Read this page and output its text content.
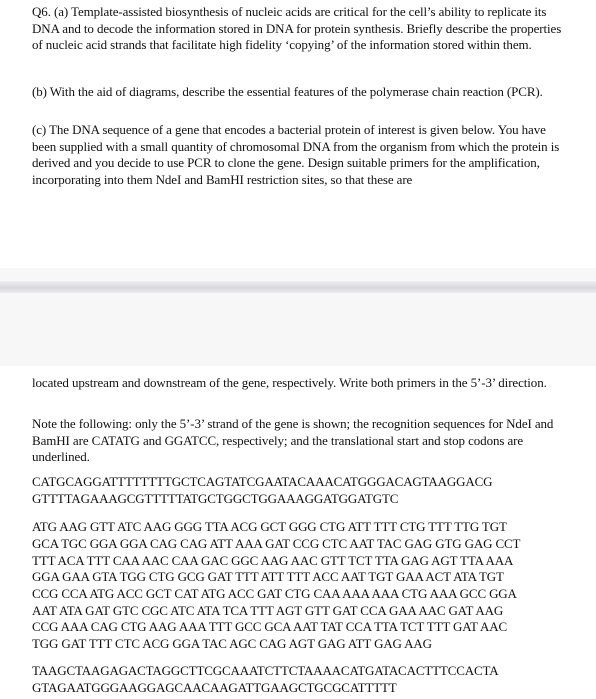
Q6. (a) Template-assisted biosynthesis of nucleic acids are critical for the cell’s ability to replicate its DNA and to decode the information stored in DNA for protein synthesis. Briefly describe the properties of nucleic acid strands that facilitate high fidelity ‘copying’ of the information stored within them.

(b) With the aid of diagrams, describe the essential features of the polymerase chain reaction (PCR).

(c) The DNA sequence of a gene that encodes a bacterial protein of interest is given below. You have been supplied with a small quantity of chromosomal DNA from the organism from which the protein is derived and you decide to use PCR to clone the gene. Design suitable primers for the amplification, incorporating into them NdeI and BamHI restriction sites, so that these are

located upstream and downstream of the gene, respectively. Write both primers in the 5’-3’ direction.

Note the following: only the 5’-3’ strand of the gene is shown; the recognition sequences for NdeI and BamHI are CATATG and GGATCC, respectively; and the translational start and stop codons are underlined.

CATGCAGGATTTTTTTTGCTCAGTATCGAATACAAACATGGGACAGTAAGGACG

GTTTTAGAAAGCGTTTTTATGCTGGCTGGAAAGGATGGATGTC

ATG AAG GTT ATC AAG GGG TTA ACG GCT GGG CTG ATT TTT CTG TTT TTG TGT

GCA TGC GGA GGA CAG CAG ATT AAA GAT CCG CTC AAT TAC GAG GTG GAG CCT

TTT ACA TTT CAA AAC CAA GAC GGC AAG AAC GTT TCT TTA GAG AGT TTA AAA

GGA GAA GTA TGG CTG GCG GAT TTT ATT TTT ACC AAT TGT GAA ACT ATA TGT

CCG CCA ATG ACC GCT CAT ATG ACC GAT CTG CAA AAA AAA CTG AAA GCC GGA

AAT ATA GAT GTC CGC ATC ATA TCA TTT AGT GTT GAT CCA GAA AAC GAT AAG

CCG AAA CAG CTG AAG AAA TTT GCC GCA AAT TAT CCA TTA TCT TTT GAT AAC

TGG GAT TTT CTC ACG GGA TAC AGC CAG AGT GAG ATT GAG AAG

TAAGCTAAGAGACTAGGCTTCGCAAATCTTCTAAAACATGATACACTTTCCACTA

GTAGAATGGGAAGGAGCAACAAGATTGAAGCTGCGCATTTTT
